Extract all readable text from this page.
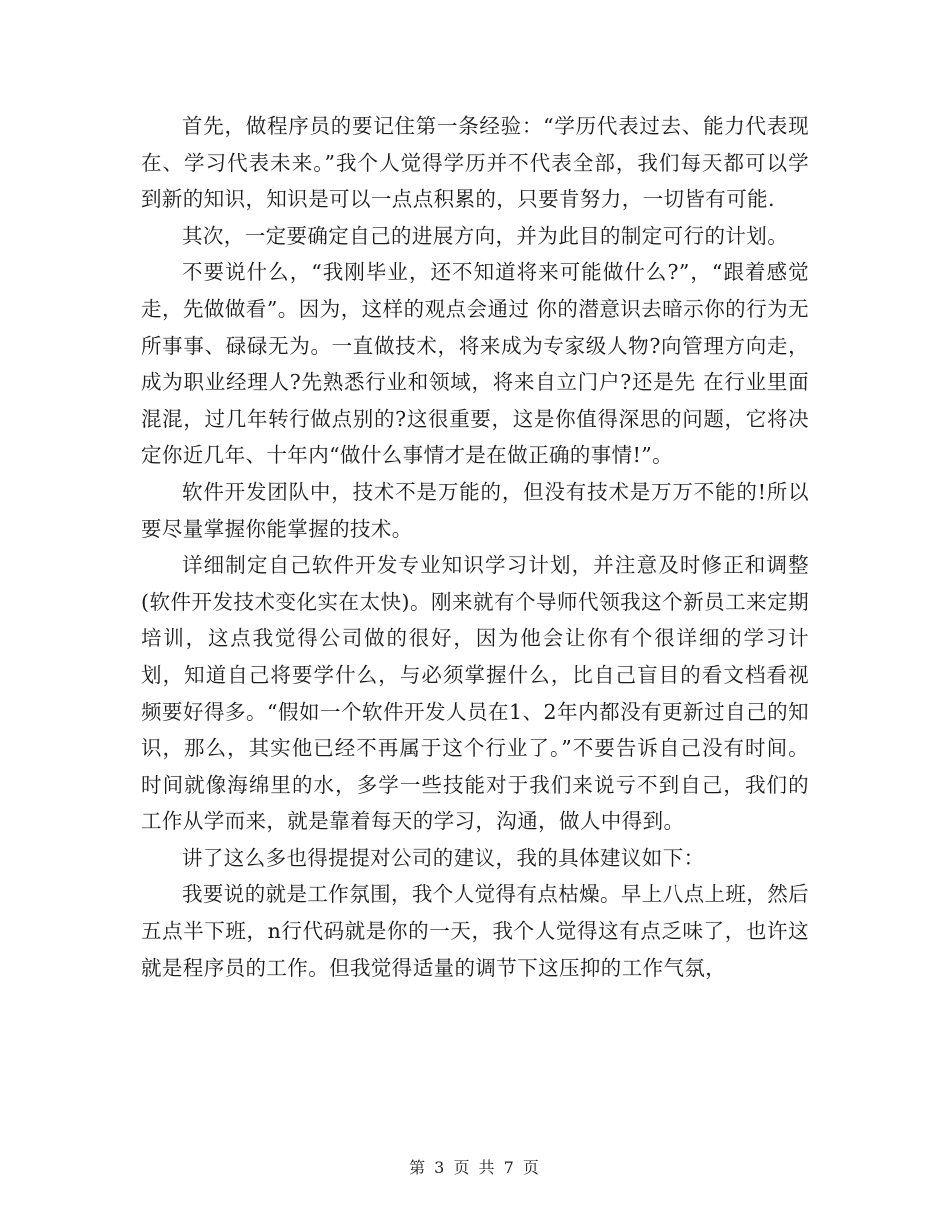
首先，做程序员的要记住第一条经验：“学历代表过去、能力代表现在、学习代表未来。”我个人觉得学历并不代表全部，我们每天都可以学到新的知识，知识是可以一点点积累的，只要肯努力，一切皆有可能.

其次，一定要确定自己的进展方向，并为此目的制定可行的计划。

不要说什么，“我刚毕业，还不知道将来可能做什么?”，“跟着感觉走，先做做看”。因为，这样的观点会通过 你的潜意识去暗示你的行为无所事事、碌碌无为。一直做技术，将来成为专家级人物?向管理方向走，成为职业经理人?先熟悉行业和领域，将来自立门户?还是先 在行业里面混混，过几年转行做点别的?这很重要，这是你值得深思的问题，它将决定你近几年、十年内“做什么事情才是在做正确的事情!”。

软件开发团队中，技术不是万能的，但没有技术是万万不能的!所以要尽量掌握你能掌握的技术。

详细制定自己软件开发专业知识学习计划，并注意及时修正和调整(软件开发技术变化实在太快)。刚来就有个导师代领我这个新员工来定期培训，这点我觉得公司做的很好，因为他会让你有个很详细的学习计划，知道自己将要学什么，与必须掌握什么，比自己盲目的看文档看视频要好得多。“假如一个软件开发人员在1、2年内都没有更新过自己的知识，那么，其实他已经不再属于这个行业了。”不要告诉自己没有时间。时间就像海绵里的水，多学一些技能对于我们来说亏不到自己，我们的工作从学而来，就是靠着每天的学习，沟通，做人中得到。

讲了这么多也得提提对公司的建议，我的具体建议如下：

我要说的就是工作氛围，我个人觉得有点枯燥。早上八点上班，然后五点半下班，n行代码就是你的一天，我个人觉得这有点乏味了，也许这就是程序员的工作。但我觉得适量的调节下这压抑的工作气氛，

第 3 页 共 7 页
